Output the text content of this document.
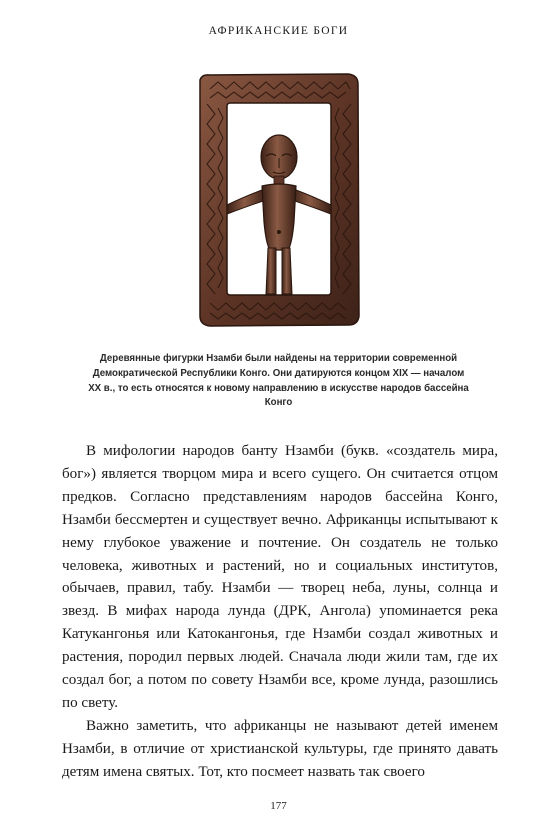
АФРИКАНСКИЕ БОГИ

Деревянные фигурки Нзамби были найдены на территории современной

Демократической Республики Конго. Они датируются концом XIX — началом

XX в., то есть относятся к новому направлению в искусстве народов бассейна

Конго

В мифологии народов банту Нзамби (букв. «создатель мира, бог») является творцом мира и всего сущего. Он считается отцом предков. Согласно представлениям народов бассейна Конго, Нзамби бессмертен и существует вечно. Африканцы испытывают к нему глубокое уважение и почтение. Он создатель не только человека, животных и растений, но и социальных институтов, обычаев, правил, табу. Нзамби — творец неба, луны, солнца и звезд. В мифах народа лунда (ДРК, Ангола) упоминается река Катукангонья или Катокангонья, где Нзамби создал животных и растения, породил первых людей. Сначала люди жили там, где их создал бог, а потом по совету Нзамби все, кроме лунда, разошлись по свету.

Важно заметить, что африканцы не называют детей именем Нзамби, в отличие от христианской культуры, где принято давать детям имена святых. Тот, кто посмеет назвать так своего

177
